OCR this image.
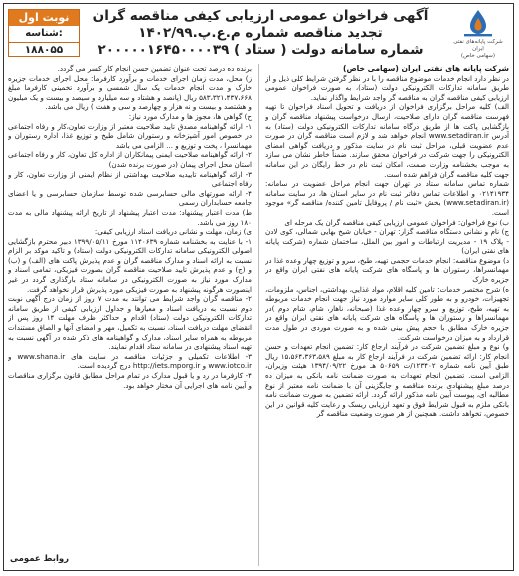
نوبت اول
شناسه:
۱۸۸۰۵۵
آگهی فراخوان عمومی ارزیابی کیفی مناقصه گران
تجدید مناقصه شماره م.ع.پ.۱۴۰۲/۹۹
شماره سامانه دولت ( ستاد ) ۲۰۰۰۰۰۱۶۴۵۰۰۰۰۳۹	شرکت پایانه‌های نفتی ایران
(سهامی خاص)

شرکت پایانه های نفتی ایران (سهامی خاص)

در نظر دارد انجام خدمات موضوع مناقصه را با در نظر گرفتن شرایط کلی ذیل و از طریق سامانه تدارکات الکترونیکی دولت (ستاد)، به صورت فراخوان عمومی ارزیابی کیفی مناقصه گران به مناقصه گر واجد شرایط واگذار نماید.

الف) کلیه مراحل برگزاری فراخوان از دریافت و تحویل اسناد فراخوان تا تهیه فهرست مناقصه گران دارای صلاحیت، ارسال درخواست پیشنهاد مناقصه گران و بازگشایی پاکت ها از طریق درگاه سامانه تدارکات الکترونیکی دولت (ستاد) به آدرس www.setadiran.ir انجام خواهد شد و لازم است مناقصه گران در صورت عدم عضویت قبلی، مراحل ثبت نام در سایت مذکور و دریافت گواهی امضای الکترونیکی را جهت شرکت در فراخوان محقق سازند. ضمناً خاطر نشان می سازد به موجب بخشنامه وزارت صمت، امکان ثبت نام در خط رایگان در این سامانه جهت کلیه مناقصه گران فراهم شده است.

شماره تماس سامانه ستاد در تهران جهت انجام مراحل عضویت در سامانه: ۰۲۱۴۱۹۳۴ و اطلاعات تماس دفاتر ثبت نام در سایر استان ها، در سایت سامانه (www.setadiran.ir) بخش «ثبت نام / پروفایل تامین کننده/ مناقصه گر» موجود است.

ب) نوع فراخوان: فراخوان عمومی ارزیابی کیفی مناقصه گران یک مرحله ای

ج) نام و نشانی دستگاه مناقصه گزار: تهران - خیابان شیخ بهایی شمالی، کوی لادن - پلاک ۱۹ - مدیریت ارتباطات و امور بین الملل، ساختمان شماره (شرکت پایانه های نفتی ایران)

د) موضوع مناقصه: انجام خدمات حجمی تهیه، طبخ، سرو و توزیع چهار وعده غذا در مهمانسراها، رستوران ها و پاسگاه های شرکت پایانه های نفتی ایران واقع در جزیره خارک

ه) شرح مختصر خدمات: تامین کلیه اقلام، مواد غذایی، بهداشتی، اجناس، ملزومات، تجهیزات، خودرو و به طور کلی سایر موارد مورد نیاز جهت انجام خدمات مربوطه به تهیه، طبخ، توزیع و سرو چهار وعده غذا (صبحانه، ناهار، شام، شام دوم )در مهمانسراها و رستوران ها و پاسگاه های شرکت پایانه های نفتی ایران واقع در جزیره خارک مطابق با حجم پیش بینی شده و به صورت موردی در طول مدت قرارداد و به میزان درخواست شرکت.

و) نوع و مبلغ تضمین شرکت در فرآیند ارجاع کار: تضمین انجام تعهدات و حسن انجام کار: ارائه تضمین شرکت در فرآیند ارجاع کار به مبلغ ۱۵،۵۶۴،۳۶۳،۵۸۹ ریال طبق آیین نامه شماره ۱۲۳۴۰۲/ت ۵۰۶۵۹ هـ مورخ ۱۳۹۴/۰۹/۲۲ هیئت وزیران، الزامی است. تضمین انجام تعهدات به صورت ضمانت نامه بانکی به میزان ده درصد مبلغ پیشنهادی برنده مناقصه و جایگزینی آن با ضمانت نامه معتبر از نوع مطالبه ای، پیوست آیین نامه مذکور ارائه گردد. ارائه تضمین به صورت ضمانت نامه بانکی ملزم به قبول شرایط فوق و تعهد ارزیابی ریسک و رعایت کلیه قوانین در این خصوص، تخواهد داشت. همچنین از هر صورت وضعیت مناقصه گر

برنده ده درصد تحت عنوان تضمین حسن انجام کار کسر می گردد.

ز) محل، مدت زمان اجرای خدمات و برآورد کارفرما: محل اجرای خدمات جزیره خارک و مدت انجام خدمات یک سال شمسی و برآورد تخمینی کارفرما مبلغ ۵۸۳،۳۲۱،۴۳۷،۶۶۸ ریال (پانصد و هشتاد و سه میلیارد و سیصد و بیست و یک میلیون و هشتصد و بیست و نه هزار و چهارصد و سی و هفت ) ریال می باشد.

ح) گواهی ها، مجوز ها و مدارک مورد نیاز:

۱- ارائه گواهینامه مصدق تایید صلاحیت معتبر از وزارت تعاون،کار و رفاه اجتماعی در خصوص امور آشپزخانه و رستوران شامل طبخ و توزیع غذا، اداره رستوران و مهمانسرا ، پخت و توزیع و ... الزامی می باشد

۲- ارائه گواهینامه صلاحیت ایمنی پیمانکاران از اداره کل تعاون، کار و رفاه اجتماعی استان محل اجرای پیمان (در صورت برنده شدن)

۳- ارائه گواهینامه تاییدیه صلاحیت بهداشتی از نظام ایمنی از وزارت تعاون، کار و رفاه اجتماعی

۴- ارائه صورتهای مالی حسابرسی شده توسط سازمان حسابرسی و یا اعضای جامعه حسابداران رسمی

ط) مدت اعتبار پیشنهاد: مدت اعتبار پیشنهاد از تاریخ ارائه پیشنهاد مالی به مدت ۱۸۰ روز می باشد.

ی) زمان، مهلت و نشانی دریافت اسناد ارزیابی کیفی:

۱- با عنایت به بخشنامه شماره ۱۱۴۰۶۳۹ مورخ ۱۳۹۹/۰۵/۱۱ دبیر محترم بازگشایی اصولی الکترونیکی سامانه تدارکات الکترونیکی دولت (ستاد) و تاکید موکد بر الزام نسبت به ارائه اسناد و مدارک مناقصه گران و عدم پذیرش پاکت های (الف) و (ب) و (ج) و عدم پذیرش تایید صلاحیت مناقصه گران بصورت فیزیکی، تمامی اسناد و مدارک مورد نیاز به صورت الکترونیکی در سامانه ستاد بارگذاری گردد در غیر اینصورت هرگونه پیشنهاد به صورت فیزیکی مورد پذیرش قرار نخواهد گرفت.

۲- مناقصه گران واجد شرایط می توانند به مدت ۷ روز از زمان درج آگهی نوبت دوم نسبت به دریافت اسناد و معیارها و جداول ارزیابی کیفی از طریق سامانه تدارکات الکترونیکی دولت (ستاد) اقدام و حداکثر ظرف مهلت ۱۴ روز پس از انقضای مهلت دریافت اسناد، نسبت به تکمیل، مهر و امضای آنها و الصاق مستندات مربوطه به همراه سایر اسناد، مدارک و گواهینامه های ذکر شده در آگهی نسبت به تهیه اسناد پیشنهادی در سامانه ستاد اقدام نمایند.

۳- اطلاعات تکمیلی و جزئیات مناقصه در سایت های www.shana.ir و www.iotco.ir و http://iets.mporg.ir درج گردیده است.

۴- کارفرما در رد و یا قبول مدارک در تمام مراحل مطابق قانون برگزاری مناقصات و آیین نامه های اجرایی آن مختار خواهد بود.

روابط عمومی
